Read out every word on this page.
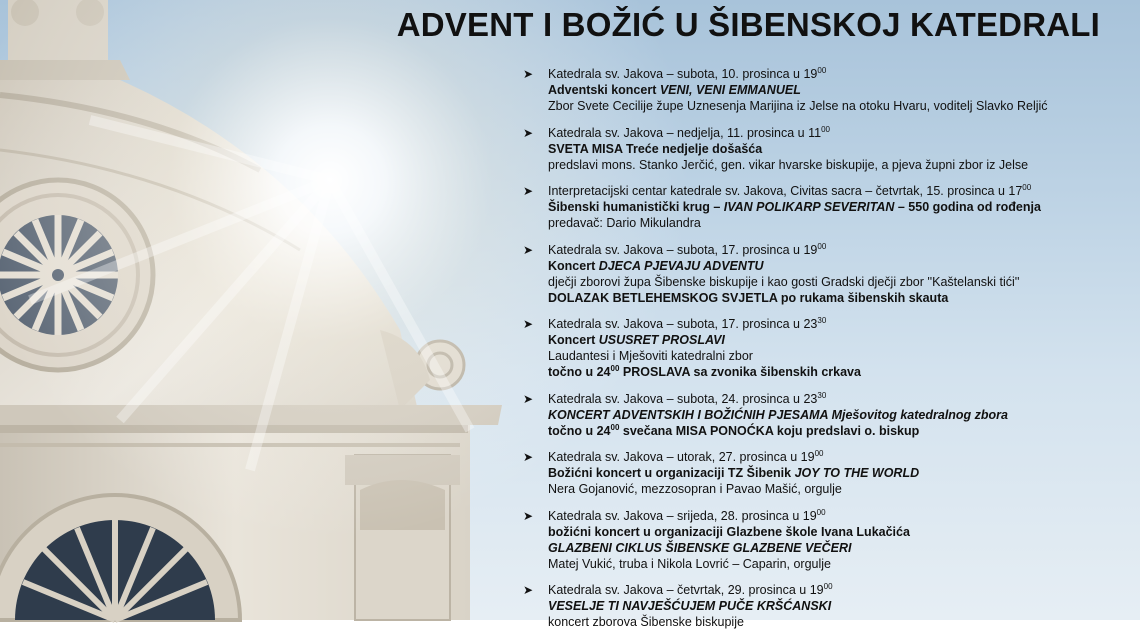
ADVENT I BOŽIĆ U ŠIBENSKOJ KATEDRALI
➤ Katedrala sv. Jakova – subota, 10. prosinca u $19^{00}$
Adventski koncert VENI, VENI EMMANUEL
Zbor Svete Cecilije župe Uznesenja Marijina iz Jelse na otoku Hvaru, voditelj Slavko Reljić
➤ Katedrala sv. Jakova – nedjelja, 11. prosinca u $11^{00}$
SVETA MISA Treće nedjelje došašća
predslavi mons. Stanko Jerčić, gen. vikar hvarske biskupije, a pjeva župni zbor iz Jelse
➤ Interpretacijski centar katedrale sv. Jakova, Civitas sacra – četvrtak, 15. prosinca u $17^{00}$
Šibenski humanistički krug – IVAN POLIKARP SEVERITAN – 550 godina od rođenja
predavač: Dario Mikulandra
➤ Katedrala sv. Jakova – subota, 17. prosinca u $19^{00}$
Koncert DJECA PJEVAJU ADVENTU
dječji zborovi župa Šibenske biskupije i kao gosti Gradski dječji zbor ''Kaštelanski tići''
DOLAZAK BETLEHEMSKOG SVJETLA po rukama šibenskih skauta
➤ Katedrala sv. Jakova – subota, 17. prosinca u $23^{30}$
Koncert USUSRET PROSLAVI
Laudantesi i Mješoviti katedralni zbor
točno u $24^{00}$ PROSLAVA sa zvonika šibenskih crkava
➤ Katedrala sv. Jakova – subota, 24. prosinca u $23^{30}$
KONCERT ADVENTSKIH I BOŽIĆNIH PJESAMA Mješovitog katedralnog zbora
točno u $24^{00}$ svečana MISA PONOĆKA koju predslavi o. biskup
➤ Katedrala sv. Jakova – utorak, 27. prosinca u $19^{00}$
Božićni koncert u organizaciji TZ Šibenik JOY TO THE WORLD
Nera Gojanović, mezzosopran i Pavao Mašić, orgulje
➤ Katedrala sv. Jakova – srijeda, 28. prosinca u $19^{00}$
božićni koncert u organizaciji Glazbene škole Ivana Lukačića
GLAZBENI CIKLUS ŠIBENSKE GLAZBENE VEČERI
Matej Vukić, truba i Nikola Lovrić – Caparin, orgulje
➤ Katedrala sv. Jakova – četvrtak, 29. prosinca u $19^{00}$
VESELJE TI NAVJEŠĆUJEM PUČE KRŠĆANSKI
koncert zborova Šibenske biskupije
